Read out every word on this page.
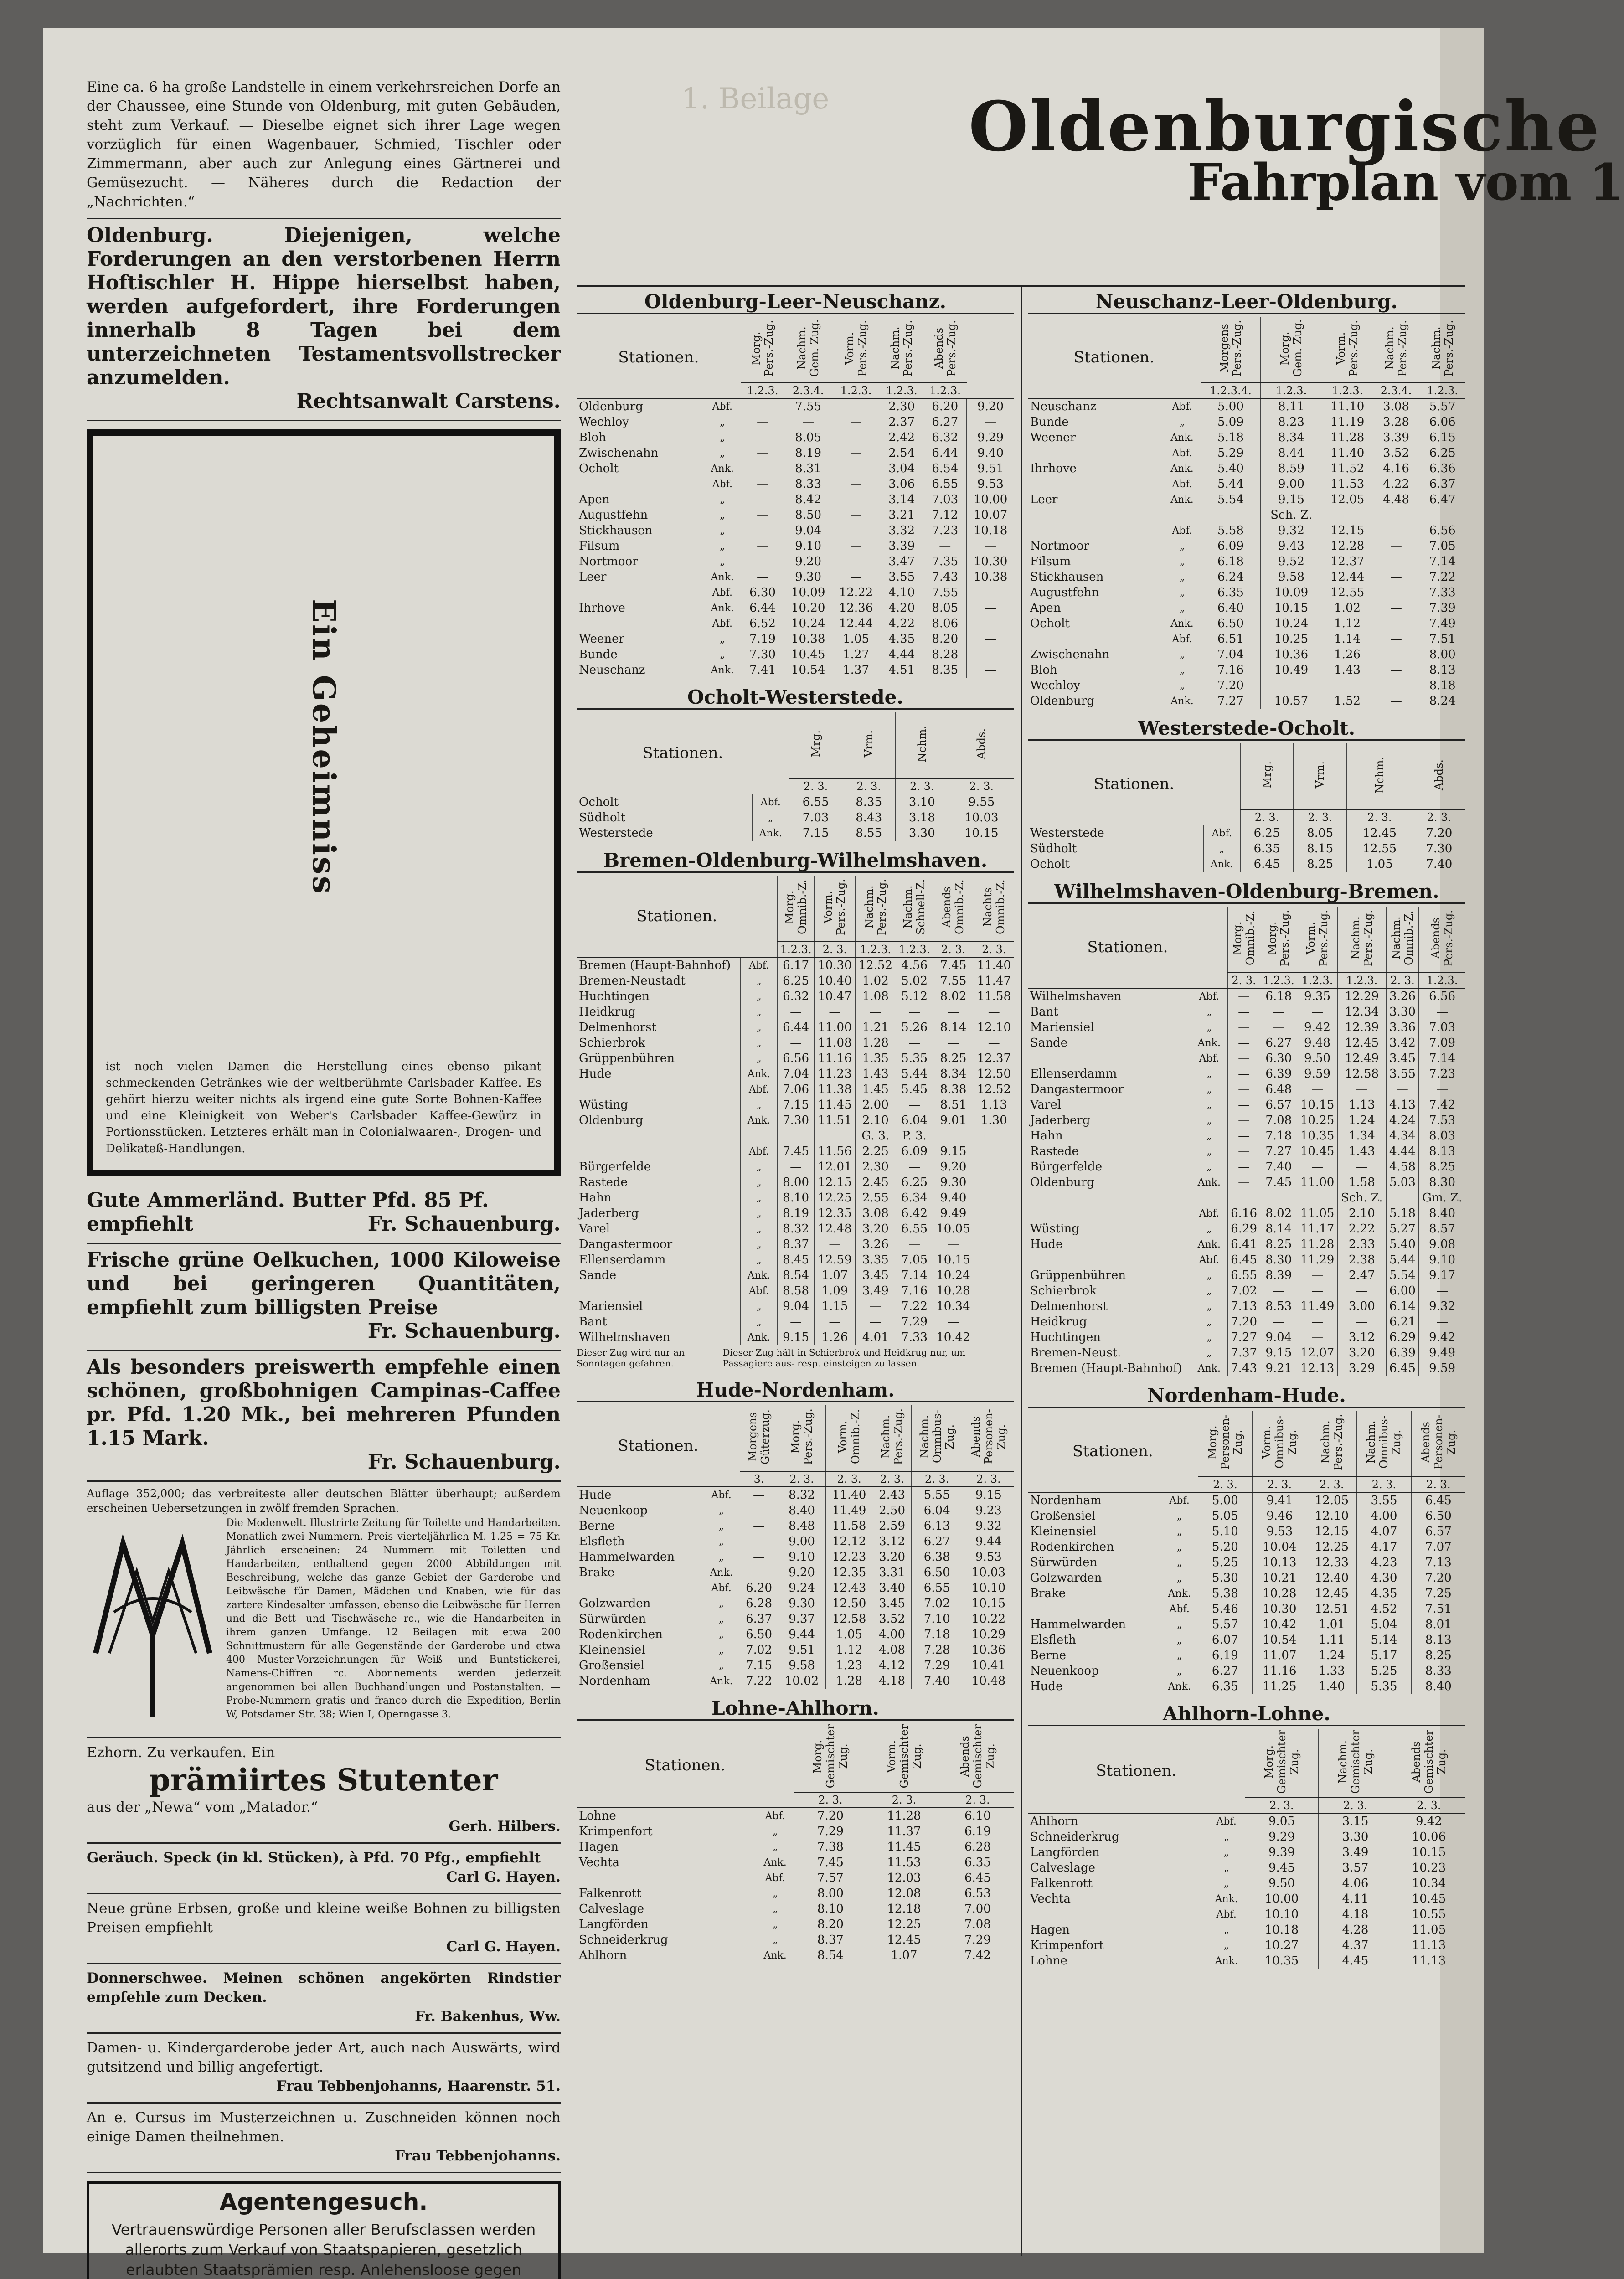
Eine ca. 6 ha große Landstelle in einem verkehrsreichen Dorfe an der Chaussee, eine Stunde von Oldenburg, mit guten Gebäuden, steht zum Verkauf. — Dieselbe eignet sich ihrer Lage wegen vorzüglich für einen Wagenbauer, Schmied, Tischler oder Zimmermann, aber auch zur Anlegung eines Gärtnerei und Gemüsezucht. — Näheres durch die Redaction der „Nachrichten.“

Oldenburg. Diejenigen, welche Forderungen an den verstorbenen Herrn Hoftischler H. Hippe hierselbst haben, werden aufgefordert, ihre Forderungen innerhalb 8 Tagen bei dem unterzeichneten Testamentsvollstrecker anzumelden.

Rechtsanwalt Carstens.

Ein Geheimniss

ist noch vielen Damen die Herstellung eines ebenso pikant schmeckenden Getränkes wie der weltberühmte Carlsbader Kaffee. Es gehört hierzu weiter nichts als irgend eine gute Sorte Bohnen-Kaffee und eine Kleinigkeit von Weber's Carlsbader Kaffee-Gewürz in Portionsstücken. Letzteres erhält man in Colonialwaaren-, Drogen- und Delikateß-Handlungen.

Gute Ammerländ. Butter Pfd. 85 Pf.

empfiehlt	Fr. Schauenburg.

Frische grüne Oelkuchen, 1000 Kiloweise und bei geringeren Quantitäten, empfiehlt zum billigsten Preise

Fr. Schauenburg.

Als besonders preiswerth empfehle einen schönen, großbohnigen Campinas-Caffee pr. Pfd. 1.20 Mk., bei mehreren Pfunden 1.15 Mark.

Fr. Schauenburg.

Auflage 352,000; das verbreiteste aller deutschen Blätter überhaupt; außerdem erscheinen Uebersetzungen in zwölf fremden Sprachen.

Die Modenwelt. Illustrirte Zeitung für Toilette und Handarbeiten. Monatlich zwei Nummern. Preis vierteljährlich M. 1.25 = 75 Kr. Jährlich erscheinen: 24 Nummern mit Toiletten und Handarbeiten, enthaltend gegen 2000 Abbildungen mit Beschreibung, welche das ganze Gebiet der Garderobe und Leibwäsche für Damen, Mädchen und Knaben, wie für das zartere Kindesalter umfassen, ebenso die Leibwäsche für Herren und die Bett- und Tischwäsche rc., wie die Handarbeiten in ihrem ganzen Umfange. 12 Beilagen mit etwa 200 Schnittmustern für alle Gegenstände der Garderobe und etwa 400 Muster-Vorzeichnungen für Weiß- und Buntstickerei, Namens-Chiffren rc. Abonnements werden jederzeit angenommen bei allen Buchhandlungen und Postanstalten. — Probe-Nummern gratis und franco durch die Expedition, Berlin W, Potsdamer Str. 38; Wien I, Operngasse 3.

Ezhorn. Zu verkaufen. Ein

prämiirtes Stutenter

aus der „Newa“ vom „Matador.“

Gerh. Hilbers.

Geräuch. Speck (in kl. Stücken), à Pfd. 70 Pfg., empfiehlt

Carl G. Hayen.

Neue grüne Erbsen, große und kleine weiße Bohnen zu billigsten Preisen empfiehlt

Carl G. Hayen.

Donnerschwee. Meinen schönen angekörten Rindstier empfehle zum Decken.

Fr. Bakenhus, Ww.

Damen- u. Kindergarderobe jeder Art, auch nach Auswärts, wird gutsitzend und billig angefertigt.

Frau Tebbenjohanns, Haarenstr. 51.

An e. Cursus im Musterzeichnen u. Zuschneiden können noch einige Damen theilnehmen.

Frau Tebbenjohanns.

Agentengesuch.

Vertrauenswürdige Personen aller Berufsclassen werden allerorts zum Verkauf von Staatspapieren, gesetzlich erlaubten Staatsprämien resp. Anlehensloose gegen

1. Beilage Oldenburgische
Fahrplan vom 1
Oldenburg-Leer-Neuschanz.
Stationen.		Morg. Pers.-Zug.	Nachm. Gem. Zug.	Vorm. Pers.-Zug.	Nachm. Pers.-Zug.	Abends Pers.-Zug.	
		1.2.3.	2.3.4.	1.2.3.	1.2.3.	1.2.3.	
Oldenburg	Abf.	—	7.55	—	2.30	6.20	9.20
Wechloy	„	—	—	—	2.37	6.27	—
Bloh	„	—	8.05	—	2.42	6.32	9.29
Zwischenahn	„	—	8.19	—	2.54	6.44	9.40
Ocholt	Ank.	—	8.31	—	3.04	6.54	9.51
	Abf.	—	8.33	—	3.06	6.55	9.53
Apen	„	—	8.42	—	3.14	7.03	10.00
Augustfehn	„	—	8.50	—	3.21	7.12	10.07
Stickhausen	„	—	9.04	—	3.32	7.23	10.18
Filsum	„	—	9.10	—	3.39	—	—
Nortmoor	„	—	9.20	—	3.47	7.35	10.30
Leer	Ank.	—	9.30	—	3.55	7.43	10.38
	Abf.	6.30	10.09	12.22	4.10	7.55	—
Ihrhove	Ank.	6.44	10.20	12.36	4.20	8.05	—
	Abf.	6.52	10.24	12.44	4.22	8.06	—
Weener	„	7.19	10.38	1.05	4.35	8.20	—
Bunde	„	7.30	10.45	1.27	4.44	8.28	—
Neuschanz	Ank.	7.41	10.54	1.37	4.51	8.35	—
Ocholt-Westerstede.
Stationen.		Mrg.	Vrm.	Nchm.	Abds.
		2. 3.	2. 3.	2. 3.	2. 3.
Ocholt	Abf.	6.55	8.35	3.10	9.55
Südholt	„	7.03	8.43	3.18	10.03
Westerstede	Ank.	7.15	8.55	3.30	10.15
Bremen-Oldenburg-Wilhelmshaven.
Stationen.		Morg. Omnib.-Z.	Vorm. Pers.-Zug.	Nachm. Pers.-Zug.	Nachm. Schnell-Z.	Abends Omnib.-Z.	Nachts Omnib.-Z.
		1.2.3.	2. 3.	1.2.3.	1.2.3.	2. 3.	2. 3.
Bremen (Haupt-Bahnhof)	Abf.	6.17	10.30	12.52	4.56	7.45	11.40
Bremen-Neustadt	„	6.25	10.40	1.02	5.02	7.55	11.47
Huchtingen	„	6.32	10.47	1.08	5.12	8.02	11.58
Heidkrug	„	—	—	—	—	—	—
Delmenhorst	„	6.44	11.00	1.21	5.26	8.14	12.10
Schierbrok	„	—	11.08	1.28	—	—	—
Grüppenbühren	„	6.56	11.16	1.35	5.35	8.25	12.37
Hude	Ank.	7.04	11.23	1.43	5.44	8.34	12.50
	Abf.	7.06	11.38	1.45	5.45	8.38	12.52
Wüsting	„	7.15	11.45	2.00	—	8.51	1.13
Oldenburg	Ank.	7.30	11.51	2.10	6.04	9.01	1.30
				G. 3.	P. 3.		
	Abf.	7.45	11.56	2.25	6.09	9.15	
Bürgerfelde	„	—	12.01	2.30	—	9.20	
Rastede	„	8.00	12.15	2.45	6.25	9.30	
Hahn	„	8.10	12.25	2.55	6.34	9.40	
Jaderberg	„	8.19	12.35	3.08	6.42	9.49	
Varel	„	8.32	12.48	3.20	6.55	10.05	
Dangastermoor	„	8.37	—	3.26	—	—	
Ellenserdamm	„	8.45	12.59	3.35	7.05	10.15	
Sande	Ank.	8.54	1.07	3.45	7.14	10.24	
	Abf.	8.58	1.09	3.49	7.16	10.28	
Mariensiel	„	9.04	1.15	—	7.22	10.34	
Bant	„	—	—	—	7.29	—	
Wilhelmshaven	Ank.	9.15	1.26	4.01	7.33	10.42	
Dieser Zug wird nur an Sonntagen gefahren.
Dieser Zug hält in Schierbrok und Heidkrug nur, um Passagiere aus- resp. einsteigen zu lassen.
Hude-Nordenham.
Stationen.		Morgens Güterzug.	Morg. Pers.-Zug.	Vorm. Omnib.-Z.	Nachm. Pers.-Zug.	Nachm. Omnibus-Zug.	Abends Personen-Zug.
		3.	2. 3.	2. 3.	2. 3.	2. 3.	2. 3.
Hude	Abf.	—	8.32	11.40	2.43	5.55	9.15
Neuenkoop	„	—	8.40	11.49	2.50	6.04	9.23
Berne	„	—	8.48	11.58	2.59	6.13	9.32
Elsfleth	„	—	9.00	12.12	3.12	6.27	9.44
Hammelwarden	„	—	9.10	12.23	3.20	6.38	9.53
Brake	Ank.	—	9.20	12.35	3.31	6.50	10.03
	Abf.	6.20	9.24	12.43	3.40	6.55	10.10
Golzwarden	„	6.28	9.30	12.50	3.45	7.02	10.15
Sürwürden	„	6.37	9.37	12.58	3.52	7.10	10.22
Rodenkirchen	„	6.50	9.44	1.05	4.00	7.18	10.29
Kleinensiel	„	7.02	9.51	1.12	4.08	7.28	10.36
Großensiel	„	7.15	9.58	1.23	4.12	7.29	10.41
Nordenham	Ank.	7.22	10.02	1.28	4.18	7.40	10.48
Lohne-Ahlhorn.
Stationen.		Morg. Gemischter Zug.	Vorm. Gemischter Zug.	Abends Gemischter Zug.
		2. 3.	2. 3.	2. 3.
Lohne	Abf.	7.20	11.28	6.10
Krimpenfort	„	7.29	11.37	6.19
Hagen	„	7.38	11.45	6.28
Vechta	Ank.	7.45	11.53	6.35
	Abf.	7.57	12.03	6.45
Falkenrott	„	8.00	12.08	6.53
Calveslage	„	8.10	12.18	7.00
Langförden	„	8.20	12.25	7.08
Schneiderkrug	„	8.37	12.45	7.29
Ahlhorn	Ank.	8.54	1.07	7.42
Neuschanz-Leer-Oldenburg.
Stationen.		Morgens Pers.-Zug.	Morg. Gem. Zug.	Vorm. Pers.-Zug.	Nachm. Pers.-Zug.	Nachm. Pers.-Zug.
		1.2.3.4.	1.2.3.	1.2.3.	2.3.4.	1.2.3.
Neuschanz	Abf.	5.00	8.11	11.10	3.08	5.57
Bunde	„	5.09	8.23	11.19	3.28	6.06
Weener	Ank.	5.18	8.34	11.28	3.39	6.15
	Abf.	5.29	8.44	11.40	3.52	6.25
Ihrhove	Ank.	5.40	8.59	11.52	4.16	6.36
	Abf.	5.44	9.00	11.53	4.22	6.37
Leer	Ank.	5.54	9.15	12.05	4.48	6.47
			Sch. Z.			
	Abf.	5.58	9.32	12.15	—	6.56
Nortmoor	„	6.09	9.43	12.28	—	7.05
Filsum	„	6.18	9.52	12.37	—	7.14
Stickhausen	„	6.24	9.58	12.44	—	7.22
Augustfehn	„	6.35	10.09	12.55	—	7.33
Apen	„	6.40	10.15	1.02	—	7.39
Ocholt	Ank.	6.50	10.24	1.12	—	7.49
	Abf.	6.51	10.25	1.14	—	7.51
Zwischenahn	„	7.04	10.36	1.26	—	8.00
Bloh	„	7.16	10.49	1.43	—	8.13
Wechloy	„	7.20	—	—	—	8.18
Oldenburg	Ank.	7.27	10.57	1.52	—	8.24
Westerstede-Ocholt.
Stationen.		Mrg.	Vrm.	Nchm.	Abds.
		2. 3.	2. 3.	2. 3.	2. 3.
Westerstede	Abf.	6.25	8.05	12.45	7.20
Südholt	„	6.35	8.15	12.55	7.30
Ocholt	Ank.	6.45	8.25	1.05	7.40
Wilhelmshaven-Oldenburg-Bremen.
Stationen.		Morg. Omnib.-Z.	Morg. Pers.-Zug.	Vorm. Pers.-Zug.	Nachm. Pers.-Zug.	Nachm. Omnib.-Z.	Abends Pers.-Zug.
		2. 3.	1.2.3.	1.2.3.	1.2.3.	2. 3.	1.2.3.
Wilhelmshaven	Abf.	—	6.18	9.35	12.29	3.26	6.56
Bant	„	—	—	—	12.34	3.30	—
Mariensiel	„	—	—	9.42	12.39	3.36	7.03
Sande	Ank.	—	6.27	9.48	12.45	3.42	7.09
	Abf.	—	6.30	9.50	12.49	3.45	7.14
Ellenserdamm	„	—	6.39	9.59	12.58	3.55	7.23
Dangastermoor	„	—	6.48	—	—	—	—
Varel	„	—	6.57	10.15	1.13	4.13	7.42
Jaderberg	„	—	7.08	10.25	1.24	4.24	7.53
Hahn	„	—	7.18	10.35	1.34	4.34	8.03
Rastede	„	—	7.27	10.45	1.43	4.44	8.13
Bürgerfelde	„	—	7.40	—	—	4.58	8.25
Oldenburg	Ank.	—	7.45	11.00	1.58	5.03	8.30
					Sch. Z.		Gm. Z.
	Abf.	6.16	8.02	11.05	2.10	5.18	8.40
Wüsting	„	6.29	8.14	11.17	2.22	5.27	8.57
Hude	Ank.	6.41	8.25	11.28	2.33	5.40	9.08
	Abf.	6.45	8.30	11.29	2.38	5.44	9.10
Grüppenbühren	„	6.55	8.39	—	2.47	5.54	9.17
Schierbrok	„	7.02	—	—	—	6.00	—
Delmenhorst	„	7.13	8.53	11.49	3.00	6.14	9.32
Heidkrug	„	7.20	—	—	—	6.21	—
Huchtingen	„	7.27	9.04	—	3.12	6.29	9.42
Bremen-Neust.	„	7.37	9.15	12.07	3.20	6.39	9.49
Bremen (Haupt-Bahnhof)	Ank.	7.43	9.21	12.13	3.29	6.45	9.59
Nordenham-Hude.
Stationen.		Morg. Personen-Zug.	Vorm. Omnibus-Zug.	Nachm. Pers.-Zug.	Nachm. Omnibus-Zug.	Abends Personen-Zug.
		2. 3.	2. 3.	2. 3.	2. 3.	2. 3.
Nordenham	Abf.	5.00	9.41	12.05	3.55	6.45
Großensiel	„	5.05	9.46	12.10	4.00	6.50
Kleinensiel	„	5.10	9.53	12.15	4.07	6.57
Rodenkirchen	„	5.20	10.04	12.25	4.17	7.07
Sürwürden	„	5.25	10.13	12.33	4.23	7.13
Golzwarden	„	5.30	10.21	12.40	4.30	7.20
Brake	Ank.	5.38	10.28	12.45	4.35	7.25
	Abf.	5.46	10.30	12.51	4.52	7.51
Hammelwarden	„	5.57	10.42	1.01	5.04	8.01
Elsfleth	„	6.07	10.54	1.11	5.14	8.13
Berne	„	6.19	11.07	1.24	5.17	8.25
Neuenkoop	„	6.27	11.16	1.33	5.25	8.33
Hude	Ank.	6.35	11.25	1.40	5.35	8.40
Ahlhorn-Lohne.
Stationen.		Morg. Gemischter Zug.	Nachm. Gemischter Zug.	Abends Gemischter Zug.
		2. 3.	2. 3.	2. 3.
Ahlhorn	Abf.	9.05	3.15	9.42
Schneiderkrug	„	9.29	3.30	10.06
Langförden	„	9.39	3.49	10.15
Calveslage	„	9.45	3.57	10.23
Falkenrott	„	9.50	4.06	10.34
Vechta	Ank.	10.00	4.11	10.45
	Abf.	10.10	4.18	10.55
Hagen	„	10.18	4.28	11.05
Krimpenfort	„	10.27	4.37	11.13
Lohne	Ank.	10.35	4.45	11.13
